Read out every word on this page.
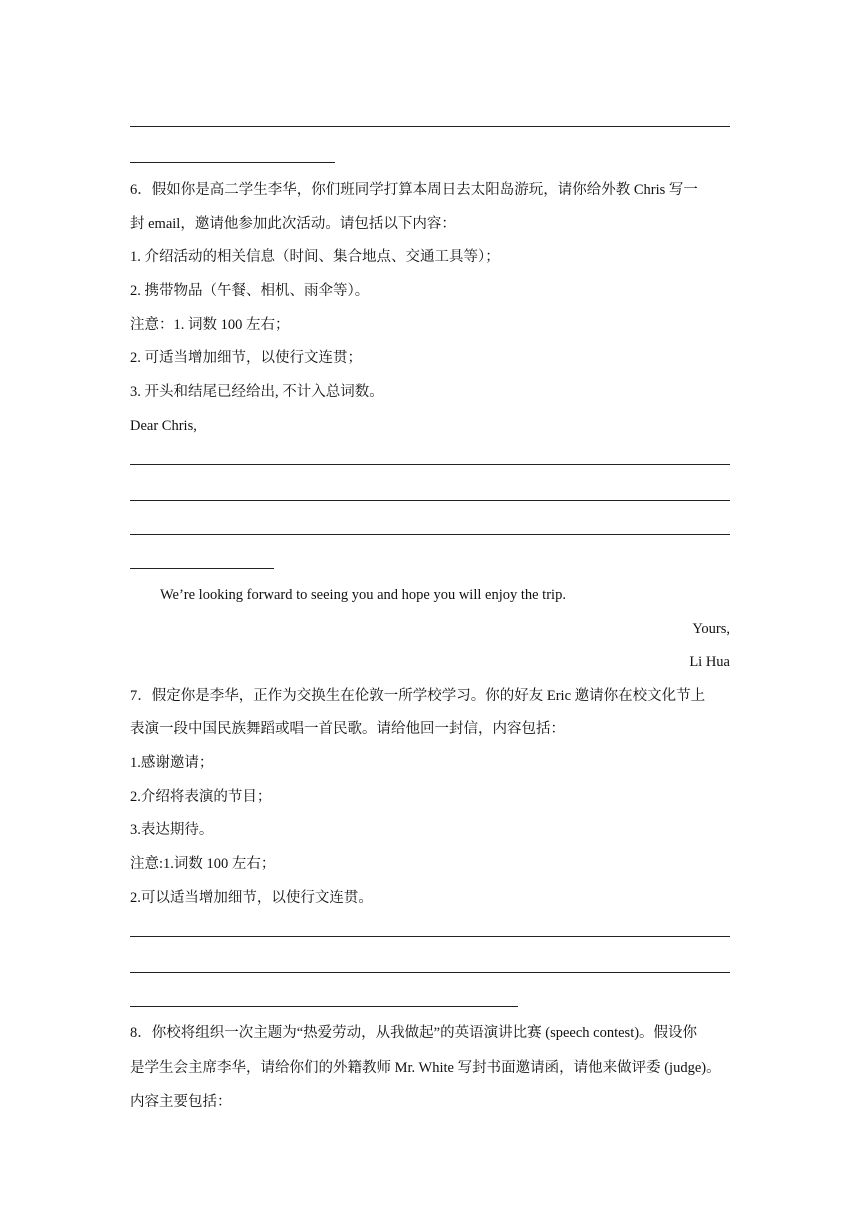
6．假如你是高二学生李华，你们班同学打算本周日去太阳岛游玩，请你给外教 Chris 写一
封 email，邀请他参加此次活动。请包括以下内容：
1. 介绍活动的相关信息（时间、集合地点、交通工具等）；
2. 携带物品（午餐、相机、雨伞等）。
注意：1. 词数 100 左右；
2. 可适当增加细节，以使行文连贯；
3. 开头和结尾已经给出, 不计入总词数。
Dear Chris,
We’re looking forward to seeing you and hope you will enjoy the trip.
Yours,
Li Hua
7．假定你是李华，正作为交换生在伦敦一所学校学习。你的好友 Eric 邀请你在校文化节上
表演一段中国民族舞蹈或唱一首民歌。请给他回一封信，内容包括：
1.感谢邀请；
2.介绍将表演的节目；
3.表达期待。
注意:1.词数 100 左右；
2.可以适当增加细节，以使行文连贯。
8．你校将组织一次主题为“热爱劳动，从我做起”的英语演讲比赛 (speech contest)。假设你
是学生会主席李华，请给你们的外籍教师 Mr. White 写封书面邀请函，请他来做评委 (judge)。
内容主要包括：
